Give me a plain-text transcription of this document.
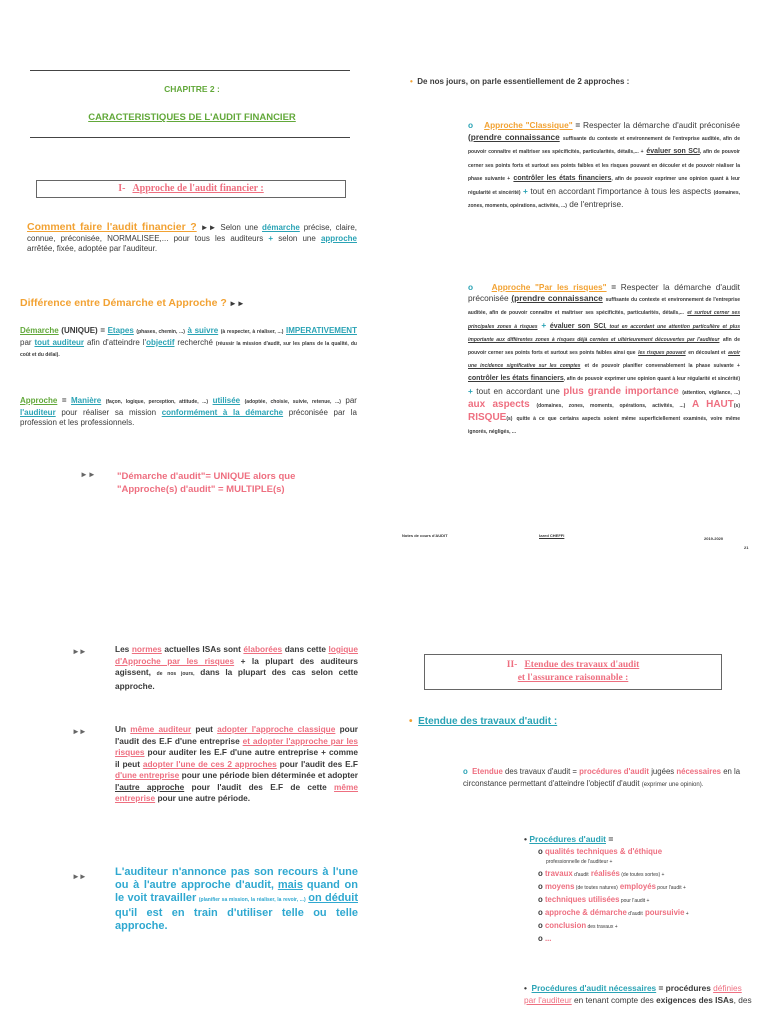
CHAPITRE 2 :
CARACTERISTIQUES DE L'AUDIT FINANCIER
I- Approche de l'audit financier :
Comment faire l'audit financier ? ►► Selon une démarche précise, claire, connue, préconisée, NORMALISEE,... pour tous les auditeurs + selon une approche arrêtée, fixée, adoptée par l'auditeur.
Différence entre Démarche et Approche ? ►►
Démarche (UNIQUE) = Etapes (phases, chemin, ...) à suivre (à respecter, à réaliser, ...) IMPERATIVEMENT par tout auditeur afin d'atteindre l'objectif recherché (réussir la mission d'audit, sur les plans de la qualité, du coût et du délai).
Approche = Manière (façon, logique, perception, attitude, ...) utilisée (adoptée, choisie, suivie, retenue, ...) par l'auditeur pour réaliser sa mission conformément à la démarche préconisée par la profession et les professionnels.
►► "Démarche d'audit"= UNIQUE alors que
"Approche(s) d'audit" = MULTIPLE(s)
• De nos jours, on parle essentiellement de 2 approches :
o Approche "Classique" = Respecter la démarche d'audit préconisée (prendre connaissance suffisante du contexte et environnement de l'entreprise auditée, afin de pouvoir connaître et maîtriser ses spécificités, particularités, détails,... + évaluer son SCI, afin de pouvoir cerner ses points forts et surtout ses points faibles et les risques pouvant en découler et de pouvoir réaliser la phase suivante + contrôler les états financiers, afin de pouvoir exprimer une opinion quant à leur régularité et sincérité) + tout en accordant l'importance à tous les aspects (domaines, zones, moments, opérations, activités, ...) de l'entreprise.
o Approche "Par les risques" = Respecter la démarche d'audit préconisée (prendre connaissance suffisante du contexte et environnement de l'entreprise auditée, afin de pouvoir connaître et maîtriser ses spécificités, particularités, détails,... et surtout cerner ses principales zones à risques + évaluer son SCI, tout en accordant une attention particulière et plus importante aux différentes zones à risques déjà cernées et ultérieurement découvertes par l'auditeur afin de pouvoir cerner ses points forts et surtout ses points faibles ainsi que les risques pouvant en découlant et avoir une incidence significative sur les comptes et de pouvoir planifier convenablement la phase suivante + contrôler les états financiers, afin de pouvoir exprimer une opinion quant à leur régularité et sincérité) + tout en accordant une plus grande importance (attention, vigilance, ...) aux aspects (domaines, zones, moments, opérations, activités, ...) A HAUT(s) RISQUE(s) quitte à ce que certains aspects soient même superficiellement examinés, voire même ignorés, négligés, ...
Notes de cours d'AUDIT	Izzed CHEFFI
2019-2020
21
►►	Les normes actuelles ISAs sont élaborées dans cette logique d'Approche par les risques + la plupart des auditeurs agissent, de nos jours, dans la plupart des cas selon cette approche.
►►	Un même auditeur peut adopter l'approche classique pour l'audit des E.F d'une entreprise et adopter l'approche par les risques pour auditer les E.F d'une autre entreprise + comme il peut adopter l'une de ces 2 approches pour l'audit des E.F d'une entreprise pour une période bien déterminée et adopter l'autre approche pour l'audit des E.F de cette même entreprise pour une autre période.
►►	L'auditeur n'annonce pas son recours à l'une ou à l'autre approche d'audit, mais quand on le voit travailler (planifier sa mission, la réaliser, la revoir, ...) on déduit qu'il est en train d'utiliser telle ou telle approche.
II- Etendue des travaux d'audit
et l'assurance raisonnable :
• Etendue des travaux d'audit :
o Etendue des travaux d'audit = procédures d'audit jugées nécessaires en la circonstance permettant d'atteindre l'objectif d'audit (exprimer une opinion).
• Procédures d'audit =
o qualités techniques & d'éthique
professionnelle de l'auditeur +
o travaux d'audit réalisés (de toutes sortes) +
o moyens (de toutes natures) employés pour l'audit +
o techniques utilisées pour l'audit +
o approche & démarche d'audit poursuivie +
o conclusion des travaux +
o ...
• Procédures d'audit nécessaires = procédures définies par l'auditeur en tenant compte des exigences des ISAs, des
